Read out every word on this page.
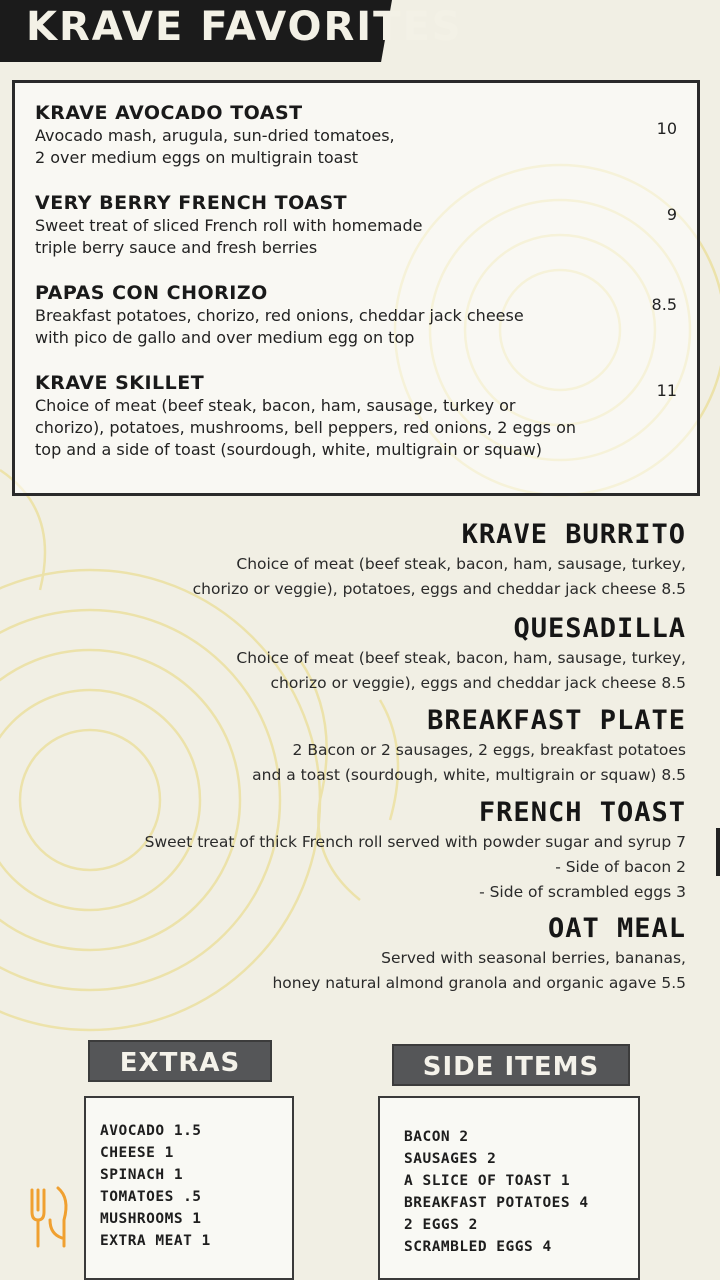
KRAVE FAVORITES
KRAVE AVOCADO TOAST
Avocado mash, arugula, sun-dried tomatoes,
2 over medium eggs on multigrain toast
10
VERY BERRY FRENCH TOAST
Sweet treat of sliced French roll with homemade
triple berry sauce and fresh berries
9
PAPAS CON CHORIZO
Breakfast potatoes, chorizo, red onions, cheddar jack cheese
with pico de gallo and over medium egg on top
8.5
KRAVE SKILLET
Choice of meat (beef steak, bacon, ham, sausage, turkey or
chorizo), potatoes, mushrooms, bell peppers, red onions, 2 eggs on
top and a side of toast (sourdough, white, multigrain or squaw)
11
KRAVE BURRITO
Choice of meat (beef steak, bacon, ham, sausage, turkey,
chorizo or veggie), potatoes, eggs and cheddar jack cheese 8.5
QUESADILLA
Choice of meat (beef steak, bacon, ham, sausage, turkey,
chorizo or veggie), eggs and cheddar jack cheese 8.5
BREAKFAST PLATE
2 Bacon or 2 sausages, 2 eggs, breakfast potatoes
and a toast (sourdough, white, multigrain or squaw) 8.5
FRENCH TOAST
Sweet treat of thick French roll served with powder sugar and syrup 7
- Side of bacon 2
- Side of scrambled eggs 3
OAT MEAL
Served with seasonal berries, bananas,
honey natural almond granola and organic agave 5.5
AVOCADO 1.5
CHEESE 1
SPINACH 1
TOMATOES .5
MUSHROOMS 1
EXTRA MEAT 1
EXTRAS
BACON 2
SAUSAGES 2
A SLICE OF TOAST 1
BREAKFAST POTATOES 4
2 EGGS 2
SCRAMBLED EGGS 4
SIDE ITEMS
